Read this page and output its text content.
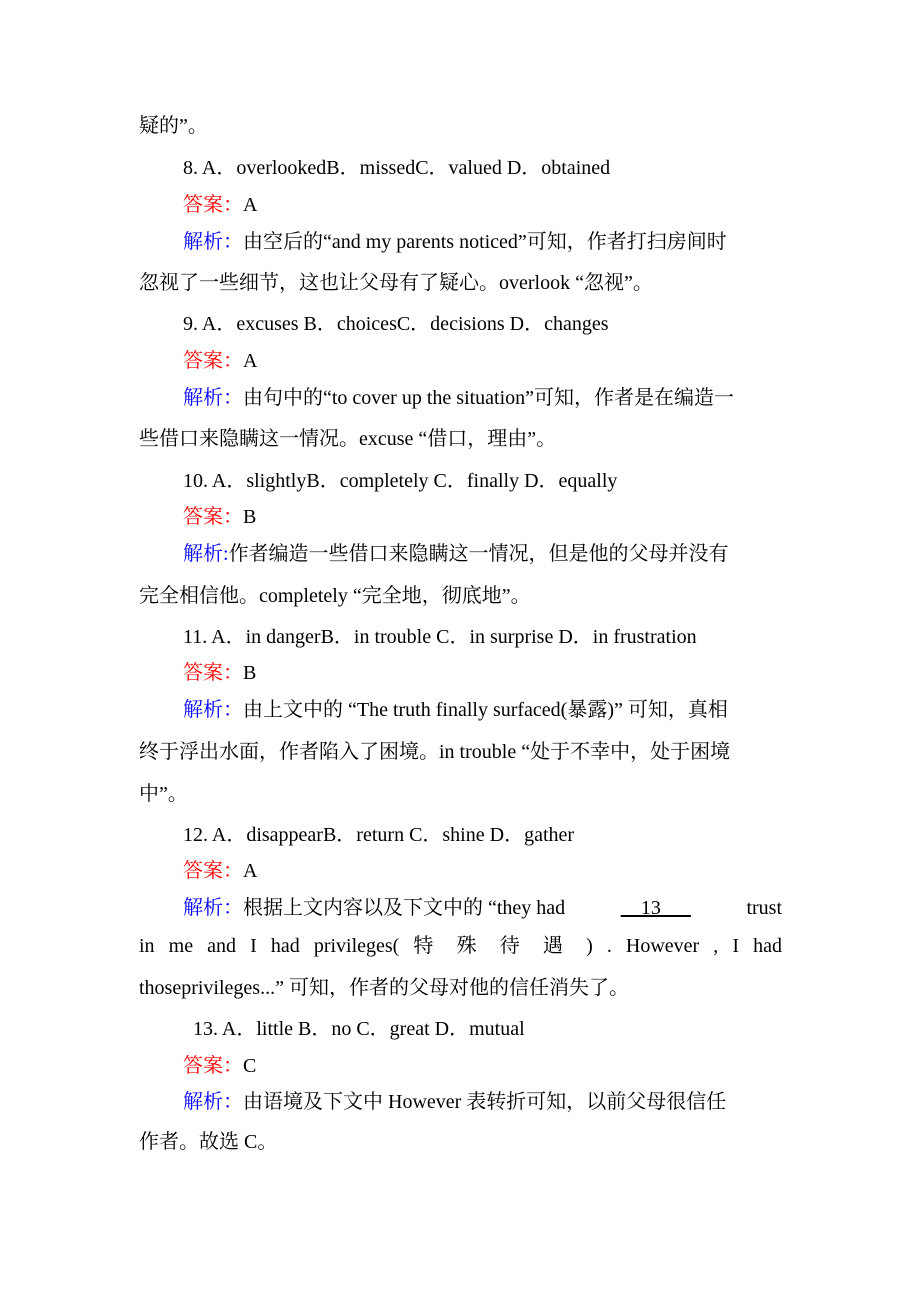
疑的”。
8. A．overlookedB．missedC．valued D．obtained
答案：A
解析：由空后的“and my parents noticed”可知，作者打扫房间时
忽视了一些细节，这也让父母有了疑心。overlook “忽视”。
9. A．excuses B．choicesC．decisions D．changes
答案：A
解析：由句中的“to cover up the situation”可知，作者是在编造一
些借口来隐瞒这一情况。excuse “借口，理由”。
10. A．slightlyB．completely C．finally D．equally
答案：B
解析:作者编造一些借口来隐瞒这一情况，但是他的父母并没有
完全相信他。completely “完全地，彻底地”。
11. A．in dangerB．in trouble C．in surprise D．in frustration
答案：B
解析：由上文中的 “The truth finally surfaced(暴露)” 可知，真相
终于浮出水面，作者陷入了困境。in trouble “处于不幸中，处于困境
中”。
12. A．disappearB．return C．shine D．gather
答案：A
解析：根据上文内容以及下文中的 “they had	__13___	trust
in me and I had privileges( 特 殊 待 遇 ) . However , I had
thoseprivileges...” 可知，作者的父母对他的信任消失了。
13. A．little B．no C．great D．mutual
答案：C
解析：由语境及下文中 However 表转折可知，以前父母很信任
作者。故选 C。
